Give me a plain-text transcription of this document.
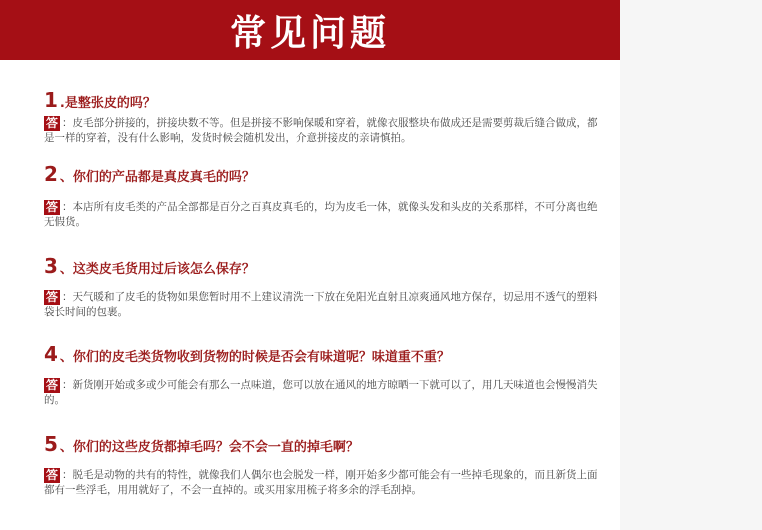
常见问题
1 .是整张皮的吗？
答 ：皮毛部分拼接的，拼接块数不等。但是拼接不影响保暖和穿着，就像衣服整块布做成还是需要剪裁后缝合做成，都是一样的穿着，没有什么影响，发货时候会随机发出，介意拼接皮的亲请慎拍。
2 、你们的产品都是真皮真毛的吗？
答 ：本店所有皮毛类的产品全部都是百分之百真皮真毛的，均为皮毛一体，就像头发和头皮的关系那样，不可分离也绝无假货。
3 、这类皮毛货用过后该怎么保存？
答 ：天气暖和了皮毛的货物如果您暂时用不上建议清洗一下放在免阳光直射且凉爽通风地方保存，切忌用不透气的塑料袋长时间的包裹。
4 、你们的皮毛类货物收到货物的时候是否会有味道呢？味道重不重？
答 ：新货刚开始或多或少可能会有那么一点味道，您可以放在通风的地方晾晒一下就可以了，用几天味道也会慢慢消失的。
5 、你们的这些皮货都掉毛吗？会不会一直的掉毛啊？
答 ：脱毛是动物的共有的特性，就像我们人偶尔也会脱发一样，刚开始多少都可能会有一些掉毛现象的，而且新货上面都有一些浮毛，用用就好了，不会一直掉的。或买用家用梳子将多余的浮毛刮掉。
